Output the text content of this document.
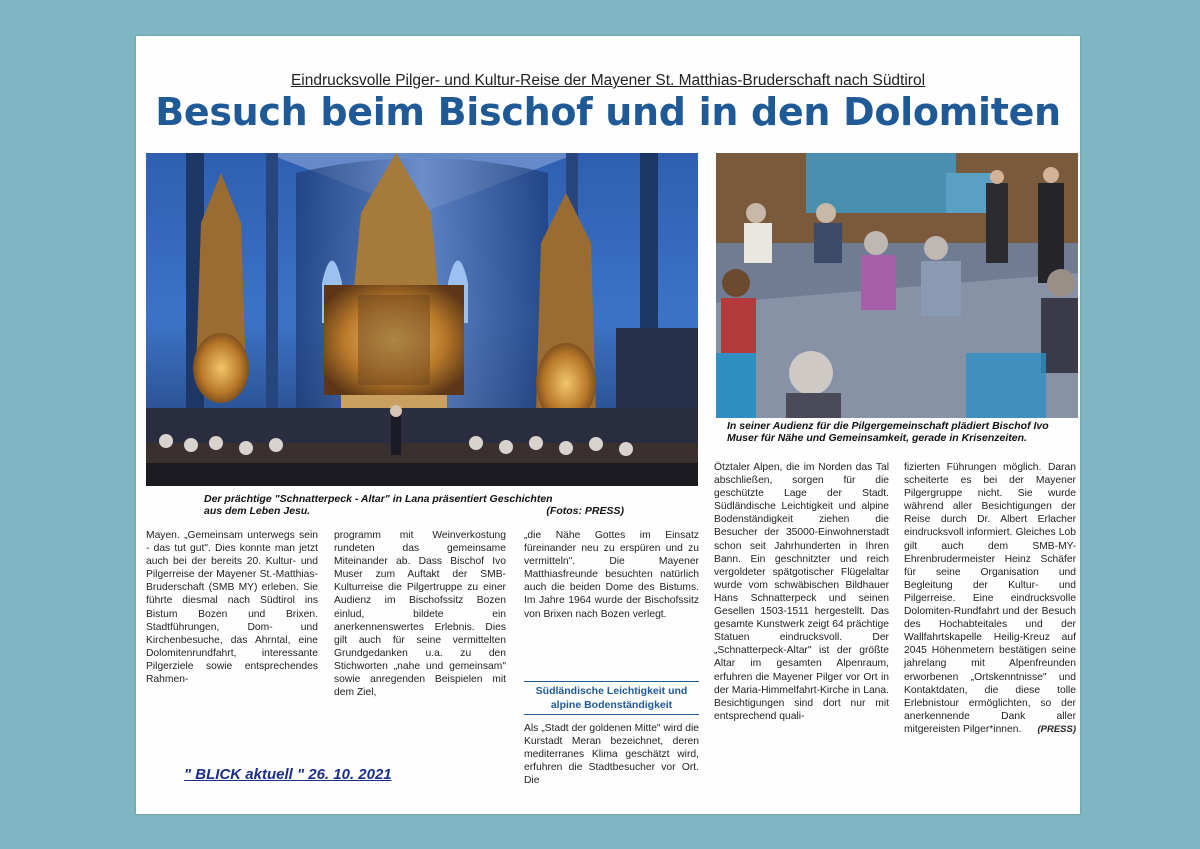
Eindrucksvolle Pilger- und Kultur-Reise der Mayener St. Matthias-Bruderschaft nach Südtirol
Besuch beim Bischof und in den Dolomiten
Der prächtige "Schnatterpeck - Altar" in Lana präsentiert Geschichten
aus dem Leben Jesu.	(Fotos: PRESS)
In seiner Audienz für die Pilgergemeinschaft plädiert Bischof Ivo Muser für Nähe und Gemeinsamkeit, gerade in Krisenzeiten.

Mayen. „Gemeinsam unterwegs sein - das tut gut". Dies konnte man jetzt auch bei der bereits 20. Kultur- und Pilgerreise der Mayener St.-Matthias-Bruderschaft (SMB MY) erleben. Sie führte diesmal nach Südtirol ins Bistum Bozen und Brixen. Stadtführungen, Dom- und Kirchenbesuche, das Ahrntal, eine Dolomitenrundfahrt, interessante Pilgerziele sowie entsprechendes Rahmen-

programm mit Weinverkostung rundeten das gemeinsame Miteinander ab. Dass Bischof Ivo Muser zum Auftakt der SMB-Kulturreise die Pilgertruppe zu einer Audienz im Bischofssitz Bozen einlud, bildete ein anerkennenswertes Erlebnis. Dies gilt auch für seine vermittelten Grundgedanken u.a. zu den Stichworten „nahe und gemeinsam" sowie anregenden Beispielen mit dem Ziel,

„die Nähe Gottes im Einsatz füreinander neu zu erspüren und zu vermitteln". Die Mayener Matthiasfreunde besuchten natürlich auch die beiden Dome des Bistums. Im Jahre 1964 wurde der Bischofssitz von Brixen nach Bozen verlegt.

Südländische Leichtigkeit und alpine Bodenständigkeit

Als „Stadt der goldenen Mitte" wird die Kurstadt Meran bezeichnet, deren mediterranes Klima geschätzt wird, erfuhren die Stadtbesucher vor Ort. Die

Ötztaler Alpen, die im Norden das Tal abschließen, sorgen für die geschützte Lage der Stadt. Südländische Leichtigkeit und alpine Bodenständigkeit ziehen die Besucher der 35000-Einwohnerstadt schon seit Jahrhunderten in Ihren Bann. Ein geschnitzter und reich vergoldeter spätgotischer Flügelaltar wurde vom schwäbischen Bildhauer Hans Schnatterpeck und seinen Gesellen 1503-1511 hergestellt. Das gesamte Kunstwerk zeigt 64 prächtige Statuen eindrucksvoll. Der „Schnatterpeck-Altar" ist der größte Altar im gesamten Alpenraum, erfuhren die Mayener Pilger vor Ort in der Maria-Himmelfahrt-Kirche in Lana. Besichtigungen sind dort nur mit entsprechend quali-

fizierten Führungen möglich. Daran scheiterte es bei der Mayener Pilgergruppe nicht. Sie wurde während aller Besichtigungen der Reise durch Dr. Albert Erlacher eindrucksvoll informiert. Gleiches Lob gilt auch dem SMB-MY-Ehrenbrudermeister Heinz Schäfer für seine Organisation und Begleitung der Kultur- und Pilgerreise. Eine eindrucksvolle Dolomiten-Rundfahrt und der Besuch des Hochabteitales und der Wallfahrtskapelle Heilig-Kreuz auf 2045 Höhenmetern bestätigen seine jahrelang mit Alpenfreunden erworbenen „Ortskenntnisse" und Kontaktdaten, die diese tolle Erlebnistour ermöglichten, so der anerkennende Dank aller mitgereisten Pilger*innen. (PRESS)

" BLICK aktuell " 26. 10. 2021
